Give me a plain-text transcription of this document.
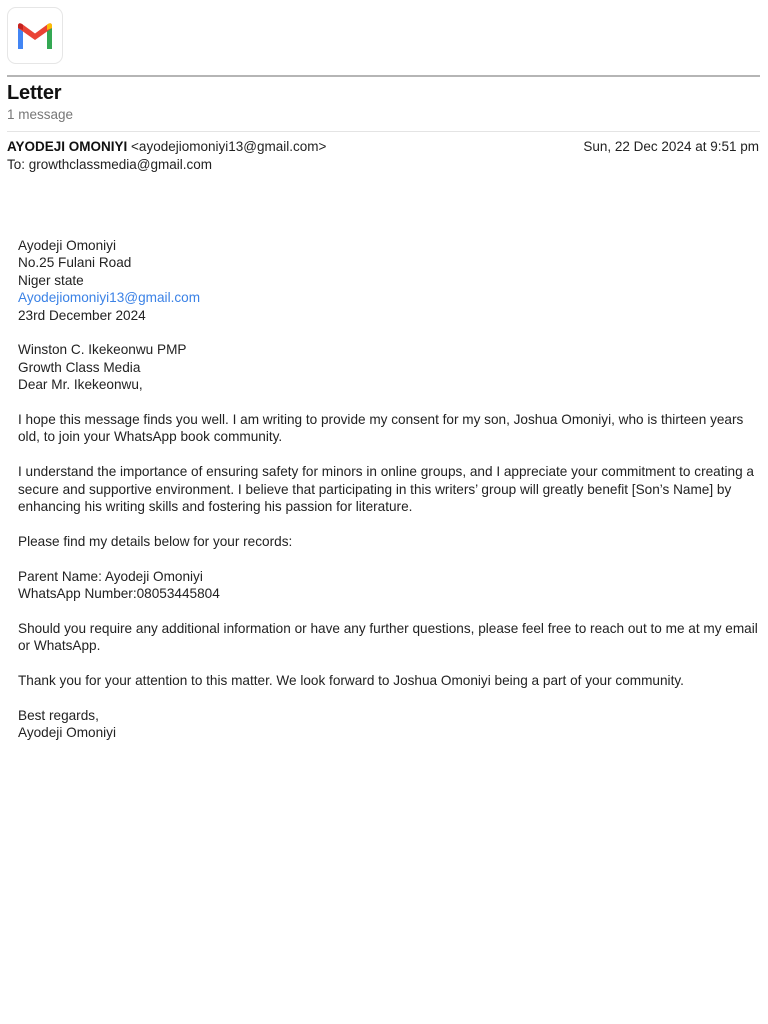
Letter
1 message
AYODEJI OMONIYI <ayodejiomoniyi13@gmail.com>	Sun, 22 Dec 2024 at 9:51 pm
To: growthclassmedia@gmail.com
Ayodeji Omoniyi
No.25 Fulani Road
Niger state
Ayodejiomoniyi13@gmail.com
23rd December 2024
Winston C. Ikekeonwu PMP
Growth Class Media
Dear Mr. Ikekeonwu,

I hope this message finds you well. I am writing to provide my consent for my son, Joshua Omoniyi, who is thirteen years old, to join your WhatsApp book community.

I understand the importance of ensuring safety for minors in online groups, and I appreciate your commitment to creating a secure and supportive environment. I believe that participating in this writers’ group will greatly benefit [Son’s Name] by enhancing his writing skills and fostering his passion for literature.

Please find my details below for your records:

Parent Name: Ayodeji Omoniyi
WhatsApp Number:08053445804

Should you require any additional information or have any further questions, please feel free to reach out to me at my email or WhatsApp.

Thank you for your attention to this matter. We look forward to Joshua Omoniyi being a part of your community.

Best regards,
Ayodeji Omoniyi
